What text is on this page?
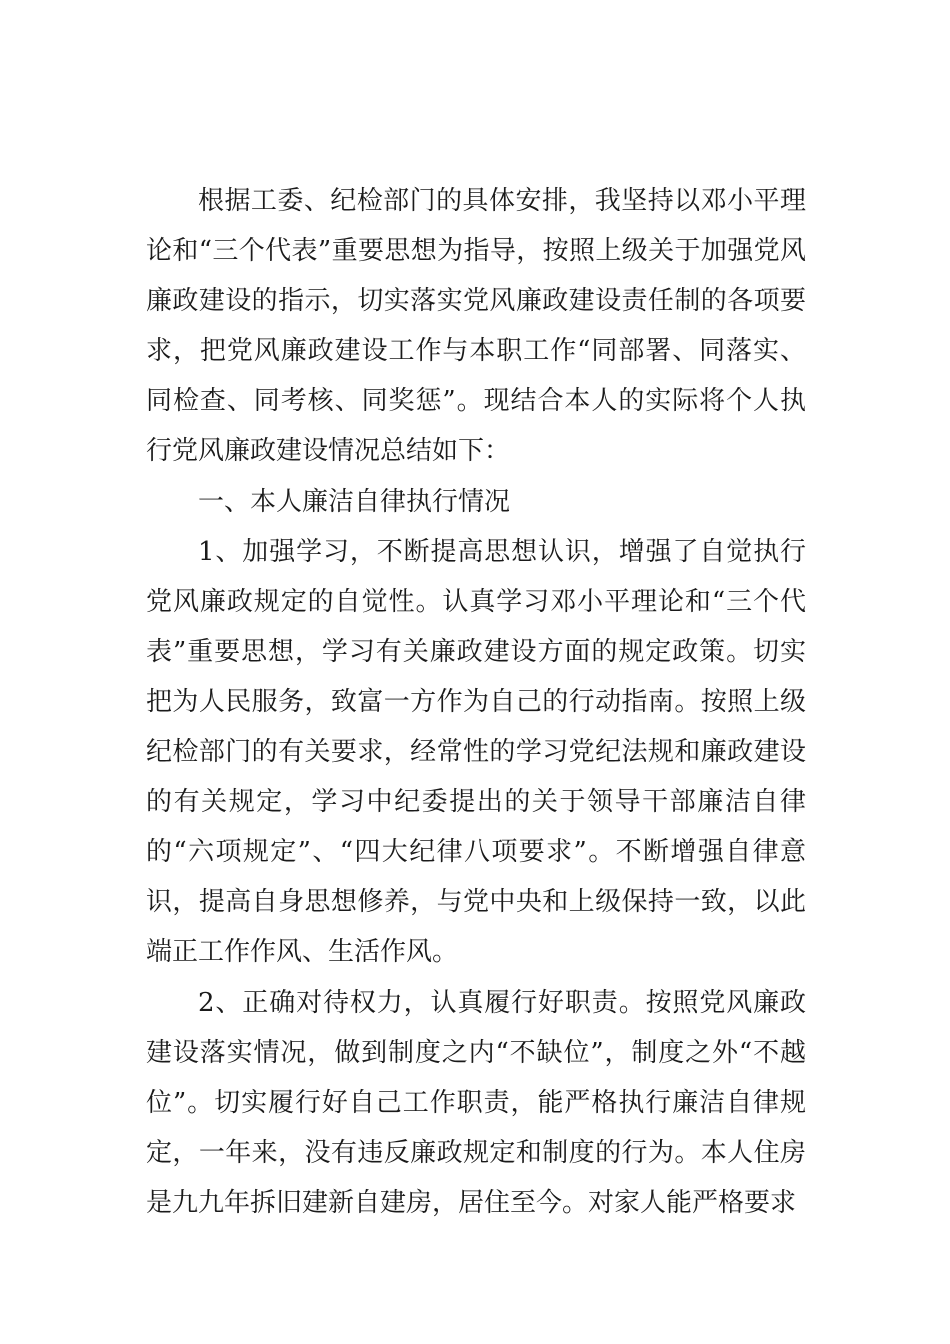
根据工委、纪检部门的具体安排，我坚持以邓小平理论和“三个代表”重要思想为指导，按照上级关于加强党风廉政建设的指示，切实落实党风廉政建设责任制的各项要求，把党风廉政建设工作与本职工作“同部署、同落实、同检查、同考核、同奖惩”。现结合本人的实际将个人执行党风廉政建设情况总结如下：

一、本人廉洁自律执行情况

1、加强学习，不断提高思想认识，增强了自觉执行党风廉政规定的自觉性。认真学习邓小平理论和“三个代表”重要思想，学习有关廉政建设方面的规定政策。切实把为人民服务，致富一方作为自己的行动指南。按照上级纪检部门的有关要求，经常性的学习党纪法规和廉政建设的有关规定，学习中纪委提出的关于领导干部廉洁自律的“六项规定”、“四大纪律八项要求”。不断增强自律意识，提高自身思想修养，与党中央和上级保持一致，以此端正工作作风、生活作风。

2、正确对待权力，认真履行好职责。按照党风廉政建设落实情况，做到制度之内“不缺位”，制度之外“不越位”。切实履行好自己工作职责，能严格执行廉洁自律规定，一年来，没有违反廉政规定和制度的行为。本人住房是九九年拆旧建新自建房，居住至今。对家人能严格要求
